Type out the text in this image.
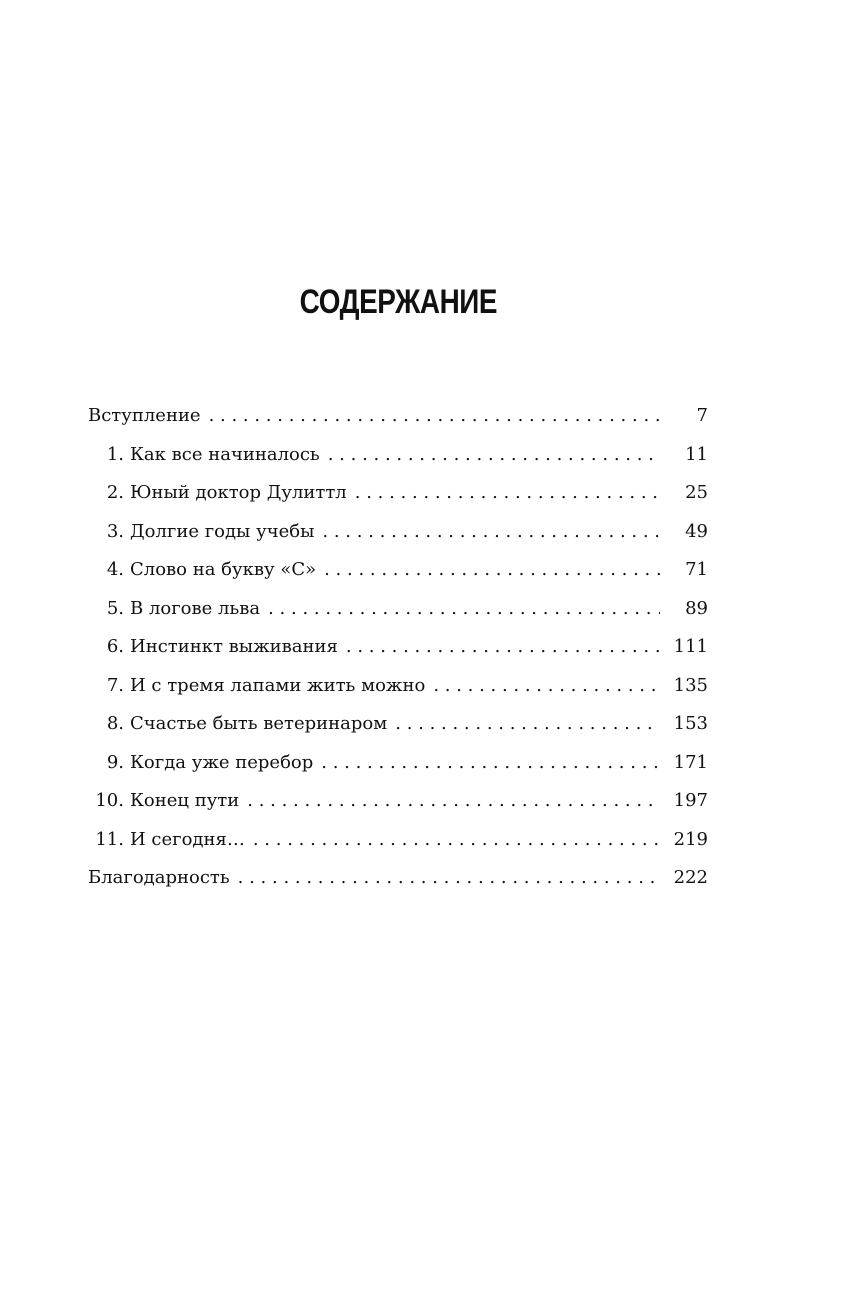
СОДЕРЖАНИЕ
Вступление . . .	7
1. Как все начиналось . . .	11
2. Юный доктор Дулиттл . . .	25
3. Долгие годы учебы . . .	49
4. Слово на букву «С» . . .	71
5. В логове льва . . .	89
6. Инстинкт выживания . . .	111
7. И с тремя лапами жить можно . . .	135
8. Счастье быть ветеринаром . . .	153
9. Когда уже перебор . . .	171
10. Конец пути . . .	197
11. И сегодня… . . .	219
Благодарность . . .	222
